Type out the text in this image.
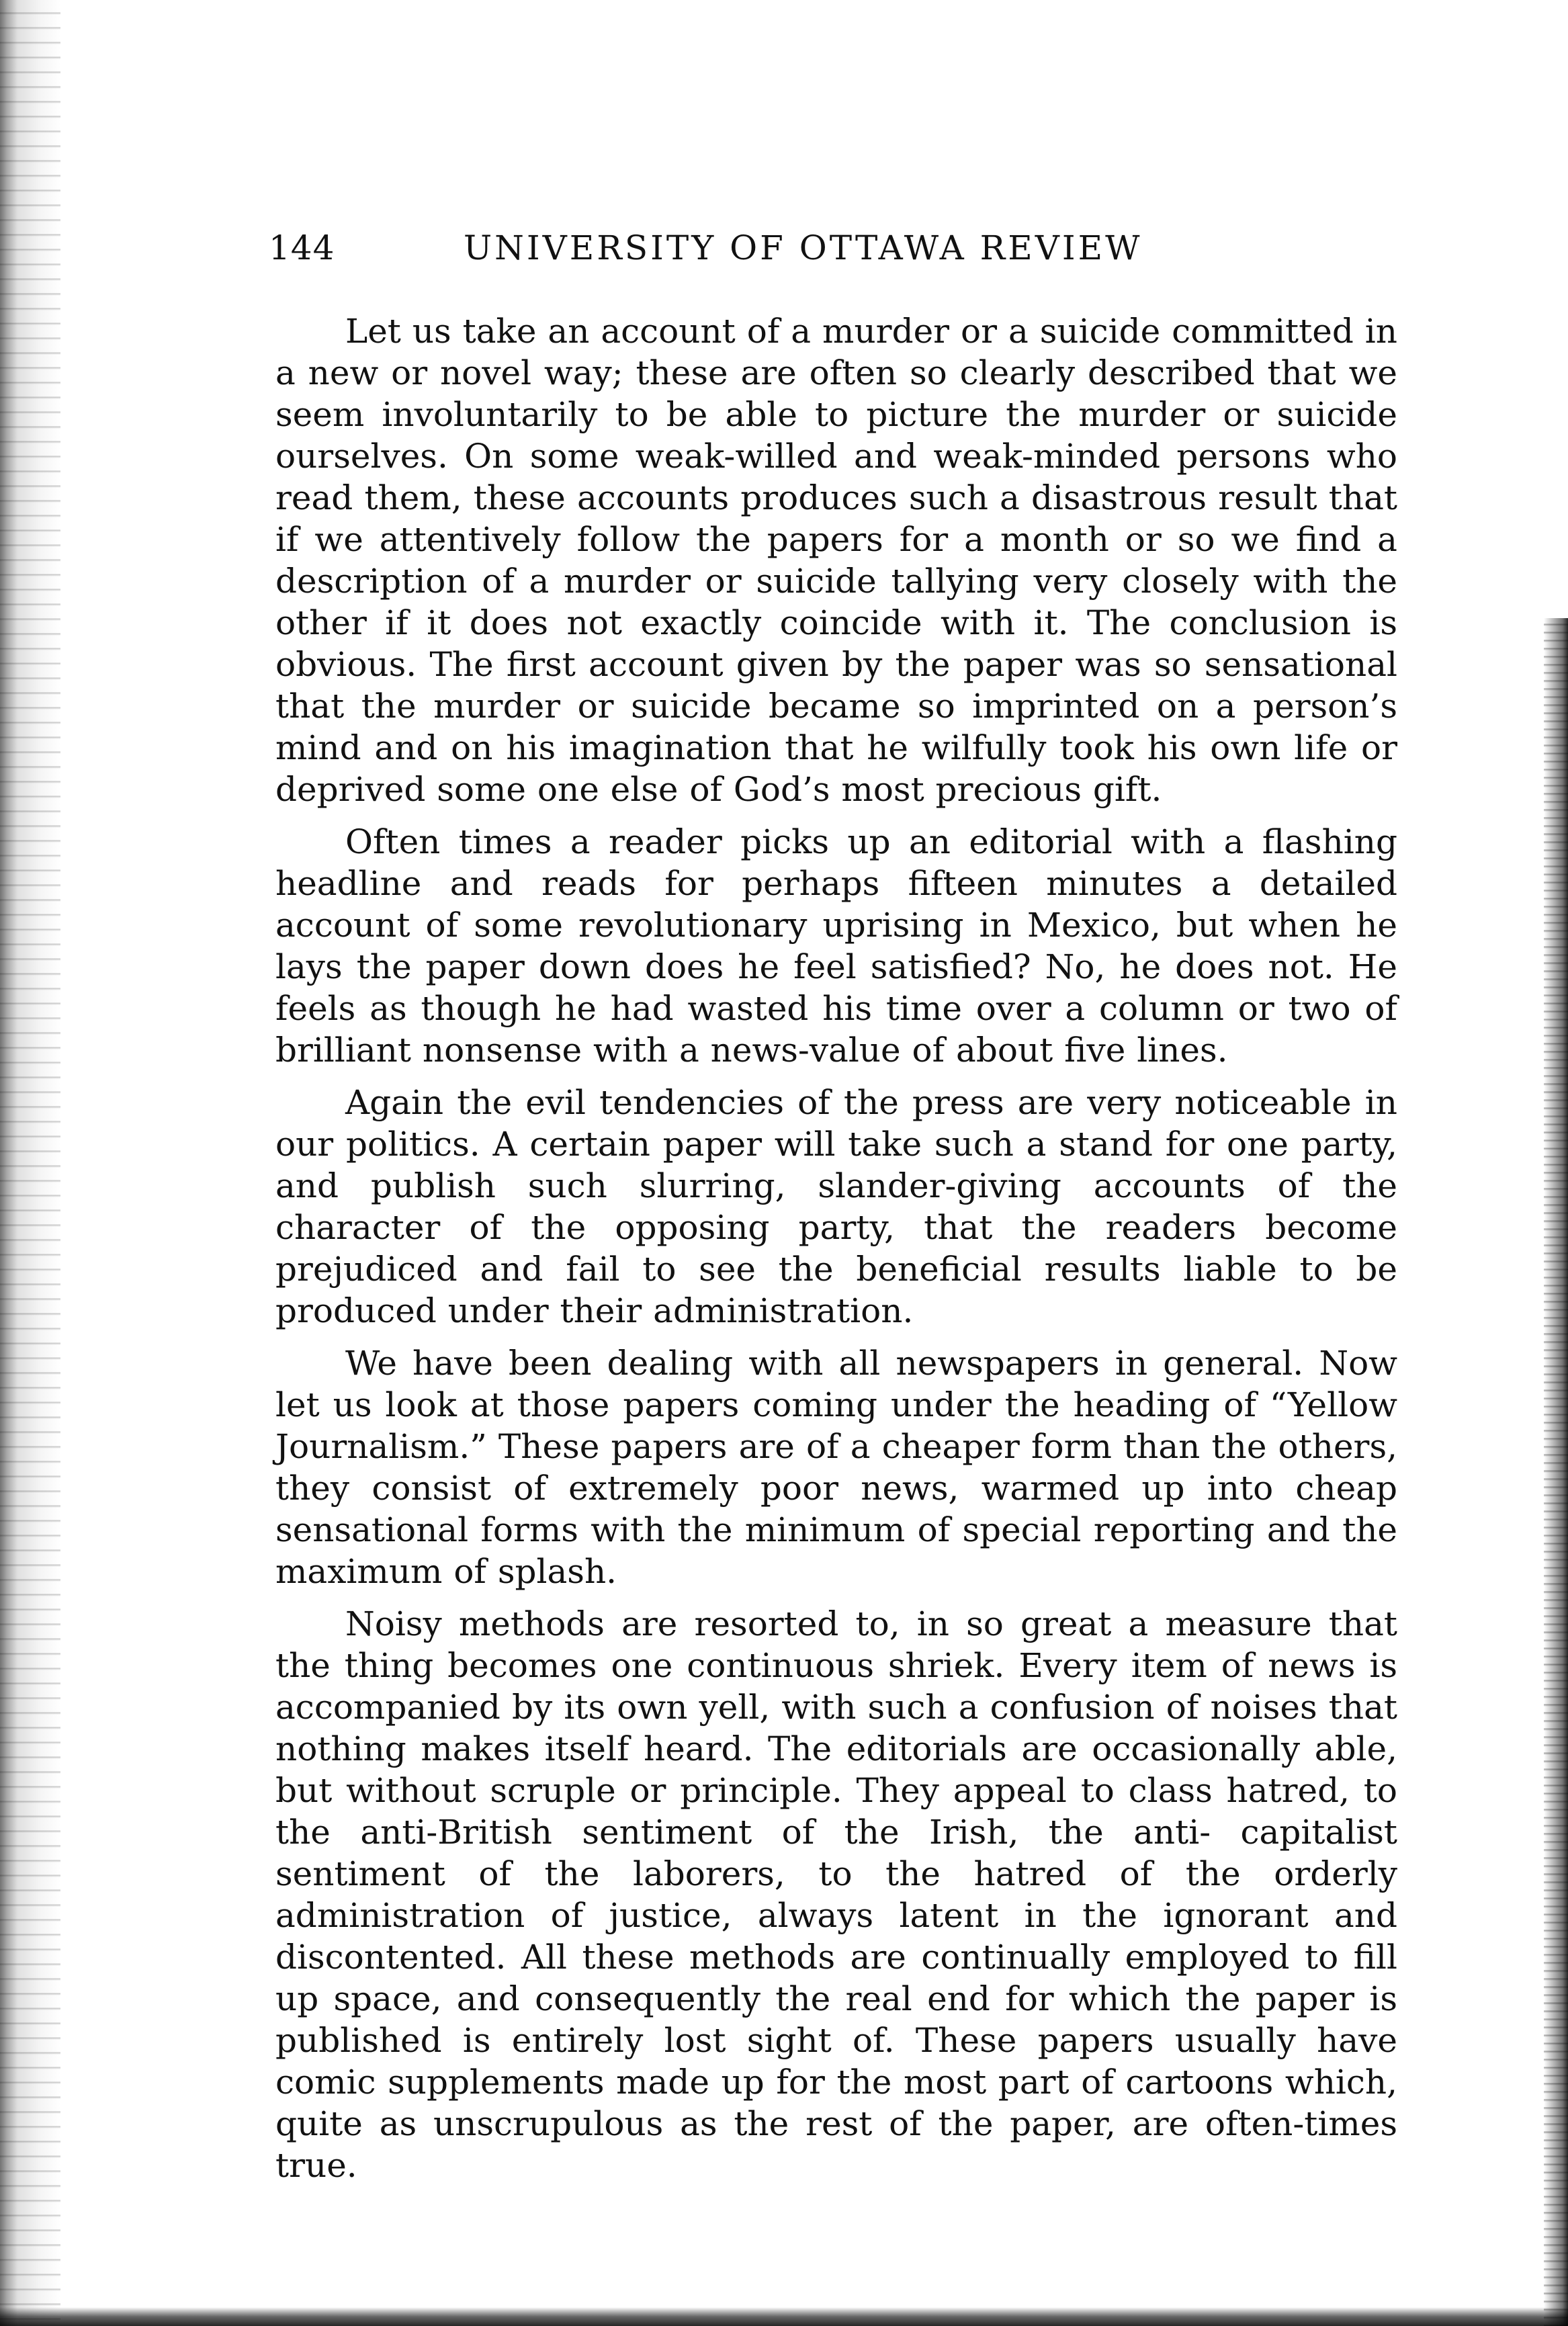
144	UNIVERSITY OF OTTAWA REVIEW

Let us take an account of a murder or a suicide committed in a new or novel way; these are often so clearly described that we seem involuntarily to be able to picture the murder or suicide ourselves. On some weak-willed and weak-minded persons who read them, these accounts produces such a disastrous result that if we attentively follow the papers for a month or so we find a description of a murder or suicide tallying very closely with the other if it does not exactly coincide with it. The conclusion is obvious. The first account given by the paper was so sensational that the murder or suicide became so imprinted on a person’s mind and on his imagination that he wilfully took his own life or deprived some one else of God’s most precious gift.

Often times a reader picks up an editorial with a flashing headline and reads for perhaps fifteen minutes a detailed account of some revolutionary uprising in Mexico, but when he lays the paper down does he feel satisfied? No, he does not. He feels as though he had wasted his time over a column or two of brilliant nonsense with a news-value of about five lines.

Again the evil tendencies of the press are very noticeable in our politics. A certain paper will take such a stand for one party, and publish such slurring, slander-giving accounts of the character of the opposing party, that the readers become prejudiced and fail to see the beneficial results liable to be produced under their administration.

We have been dealing with all newspapers in general. Now let us look at those papers coming under the heading of “Yellow Journalism.” These papers are of a cheaper form than the others, they consist of extremely poor news, warmed up into cheap sensational forms with the minimum of special reporting and the maximum of splash.

Noisy methods are resorted to, in so great a measure that the thing becomes one continuous shriek. Every item of news is accompanied by its own yell, with such a confusion of noises that nothing makes itself heard. The editorials are occasionally able, but without scruple or principle. They appeal to class hatred, to the anti-British sentiment of the Irish, the anti- capitalist sentiment of the laborers, to the hatred of the orderly administration of justice, always latent in the ignorant and discontented. All these methods are continually employed to fill up space, and consequently the real end for which the paper is published is entirely lost sight of. These papers usually have comic supplements made up for the most part of cartoons which, quite as unscrupulous as the rest of the paper, are often-times true.
